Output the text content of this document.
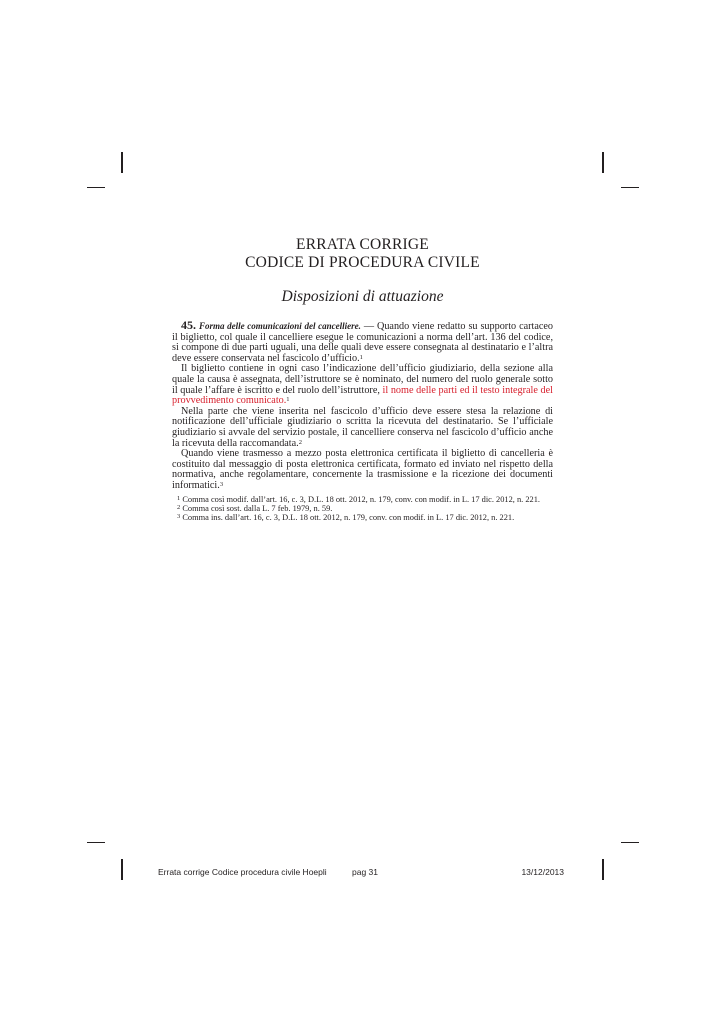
ERRATA CORRIGE
CODICE DI PROCEDURA CIVILE
Disposizioni di attuazione

45. Forma delle comunicazioni del cancelliere. — Quando viene redatto su supporto cartaceo il biglietto, col quale il cancelliere esegue le comunicazioni a norma dell’art. 136 del codice, si compone di due parti uguali, una delle quali deve essere consegnata al destinatario e l’altra deve essere conservata nel fascicolo d’ufficio.$^1$

Il biglietto contiene in ogni caso l’indicazione dell’ufficio giudiziario, della sezione alla quale la causa è assegnata, dell’istruttore se è nominato, del numero del ruolo generale sotto il quale l’affare è iscritto e del ruolo dell’istruttore, il nome delle parti ed il testo integrale del provvedimento comunicato.$^1$

Nella parte che viene inserita nel fascicolo d’ufficio deve essere stesa la relazione di notificazione dell’ufficiale giudiziario o scritta la ricevuta del destinatario. Se l’ufficiale giudiziario si avvale del servizio postale, il cancelliere conserva nel fascicolo d’ufficio anche la ricevuta della raccomandata.$^2$

Quando viene trasmesso a mezzo posta elettronica certificata il biglietto di cancelleria è costituito dal messaggio di posta elettronica certificata, formato ed inviato nel rispetto della normativa, anche regolamentare, concernente la trasmissione e la ricezione dei documenti informatici.$^3$

$^1$ Comma così modif. dall’art. 16, c. 3, D.L. 18 ott. 2012, n. 179, conv. con modif. in L. 17 dic. 2012, n. 221.

$^2$ Comma così sost. dalla L. 7 feb. 1979, n. 59.

$^3$ Comma ins. dall’art. 16, c. 3, D.L. 18 ott. 2012, n. 179, conv. con modif. in L. 17 dic. 2012, n. 221.

Errata corrige Codice procedura civile Hoepli	pag 31	13/12/2013
